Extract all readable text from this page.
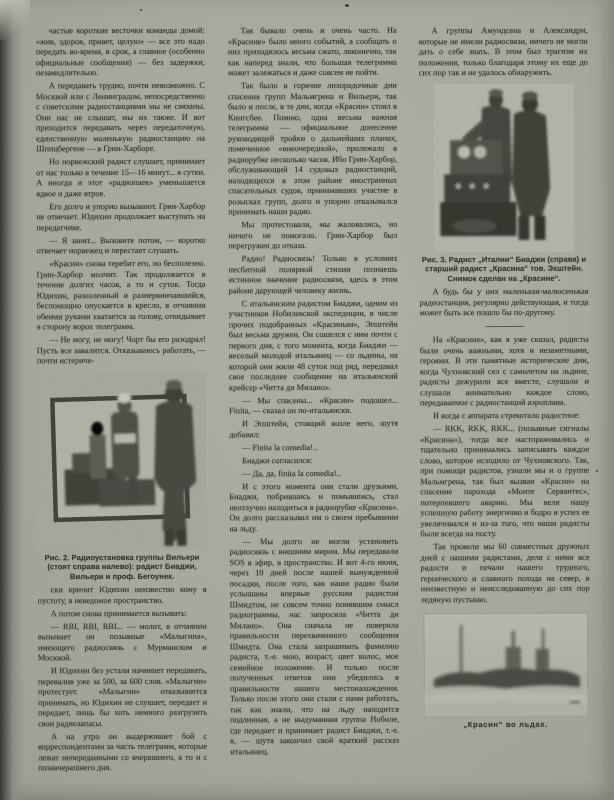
частые короткие весточки команды домой: «жив, здоров, привет, целую» — все это надо передать во-время, в срок, а главное (особенно официальные сообщения) — без задержки, незамедлительно.

А передавать трудно, почти невозможно. С Москвой или с Ленинградом, непосредственно с советскими радиостанциями мы не связаны. Они нас не слышат, мы их также. И вот приходится передавать через передаточную, единственную маленькую радиостанцию на Шпицбергене — в Грин-Харборе.

Но норвежский радист слушает, принимает от нас только в течение 15—16 минут... в сутки. А иногда и этот «радиопаек» уменьшается вдвое и даже втрое.

Его долго и упорно вызывают. Грин-Харбор не отвечает. Юдихин продолжает выступать на передатчике.

— Я занят... Вызовите потом, — коротко отвечает норвежец и перестает слушать.

«Красин» снова теребит его, но бесполезно. Грин-Харбор молчит. Так продолжается в течение долгих часов, а то и суток. Тогда Юдихин, разозленный и разнервничавшийся, беспомощно опускается в кресло, в отчаянии обеими руками хватается за голову, откидывает в сторону ворох телеграмм.

— Не могу, не могу! Чорт бы его разодрал! Пусть все завалится. Отказываюсь работать, — почти истериче-

Рис. 2. Радиоустановка группы Вильери (стоят справа налево): радист Биаджи, Вильери и проф. Бегоунек.

ски кричит Юдихин неизвестно кому в пустоту, в неведомое пространство.

А потом снова принимается вызывать:

— RBI, RBI, RBI... — молит, в отчаянии вызывает он позывные «Малыгина», имеющего радиосвязь с Мурманском и Москвой.

И Юдихин без устали начинает передавать, перевалив уже за 500, за 600 слов. «Малыгин» протестует. «Малыгин» отказывается принимать, но Юдихин не слушает, передает и передает, лишь бы хоть немного разгрузить свои радиозапасы.

А на утро он выдерживает бой с корреспондентами за часть телеграмм, которые лежат непереданными со вчерашнего, а то и с позавчерашнего дня.

Так бывало очень и очень часто. На «Красине» было много событий, а сообщать о них приходилось весьма сжато, лаконично, так как наперед знали, что большая телеграмма может залежаться и даже совсем не пойти.

Так было в горячие лихорадочные дни спасения групп Мальмгрена и Вильери, так было и после, в те дни, когда «Красин» стоял в Кингсбее. Помню, одна весьма важная телеграмма — официальное донесение руководящей тройки о дальнейших планах, помеченное «внеочередной», пролежало в радиорубке несколько часов. Ибо Грин-Харбор, обслуживающий 14 судовых радиостанций, находящихся в этом районе иностранных спасательных судов, принимавших участие в розысках групп, долго и упорно отказывался принимать наши радио.

Мы протестовали, мы жаловались, но ничего не помогало. Грин-Харбор был перегружен до отказа.

Радио! Радиосвязь! Только в условиях несбитной полярной стихии познаешь истинное значение радиосвязи, здесь в этом районе дарующей человеку жизнь.

С итальянским радистом Биаджи, одним из участников Нобилевской экспедиции, в числе прочих подобранных «Красиным», Эпштейн был весьма дружен. Он сошелся с ним почти с первого дня, с того момента, когда Биаджи — веселый молодой итальянец — со льдины, на которой они жили 48 суток под ряд, передавал свое последнее сообщение на итальянский крейсер «Читта ди Милано».

— Мы спасены... «Красин» подошел... Finita, — сказал он по-итальянски.

И Эпштейн, стоящий возле него, шутя добавил:

— Finita la comedia!..

Биаджи согласился:

— Да, да, finita la comedia!..

И с этого момента они стали друзьями. Биаджи, побрившись и помывшись, стал неотлучно находиться в радиорубке «Красина». Он долго рассказывал им о своем пребывании на льду.

— Мы долго не могли установить радиосвязь с внешним миром. Мы передавали SOS в эфир, в пространство. И вот 4-го июня, через 10 дней после нашей вынужденной посадки, после того, как наши радио были услышаны впервые русским радистом Шмидтом, не совсем точно понявшим смысл радиограммы, нас запросила «Читта ди Милано». Она сначала не поверила правильности перехваченного сообщения Шмидта. Она стала запрашивать фамилию радиста, т.-е. мою, возраст, цвет волос, мое семейное положение. И только после полученных ответов они убедились в правильности нашего местонахождения. Только после этого они стали с нами работать, так как знали, что на льду находится подлинная, а не выдуманная группа Нобиле, где передает и принимает радист Биаджи, т.-е. я, — шутя закончил свой краткий рассказ итальянец.

А группы Амундсена и Александри, которые не имели радиосвязи, ничего не могли дать о себе знать. В этом был трагизм их положения, только благодаря этому их еще до сих пор так и не удалось обнаружить.

Рис. 3. Радист „Италии“ Биаджи (справа) и старший радист „Красина“ тов. Экштейн. Снимок сделан на „Красине“.

А будь бы у них маленькая-малюсенькая радиостанция, регулярно действующая, и тогда может быть все пошло бы по-другому.

На «Красине», как я уже сказал, радисты были очень важными, хотя и незаметными, героями. В эти памятные исторические дни, когда Чухновский сел с самолетом на льдине, радисты дежурили все вместе, слушали и слушали внимательно каждое слово, передаваемое с радиостанций аэроплана.

И когда с аппарата стрекотало радостное:

— RKK, RKK, RKK... (позывные сигналы «Красина»), тогда все настораживались и тщательно принимались записывать каждое слово, которое исходило от Чухновского. Так, при помощи радистов, узнали мы и о группе Мальмгрена, так был вызван «Красин» на спасение парохода «Монте Сервантес», потерпевшего аварию. Мы вели нашу успешную работу энергично и бодро и успех ее увеличивался и из-за того, что наши радисты были всегда на посту.

Так провели мы 60 совместных дружных дней с нашими радистами, деля с ними все радости и печали нашего трудного, героического и славного похода на север, в неизвестную и неисследованную до сих пор ледяную пустыню.

„Красин“ во льдах.
